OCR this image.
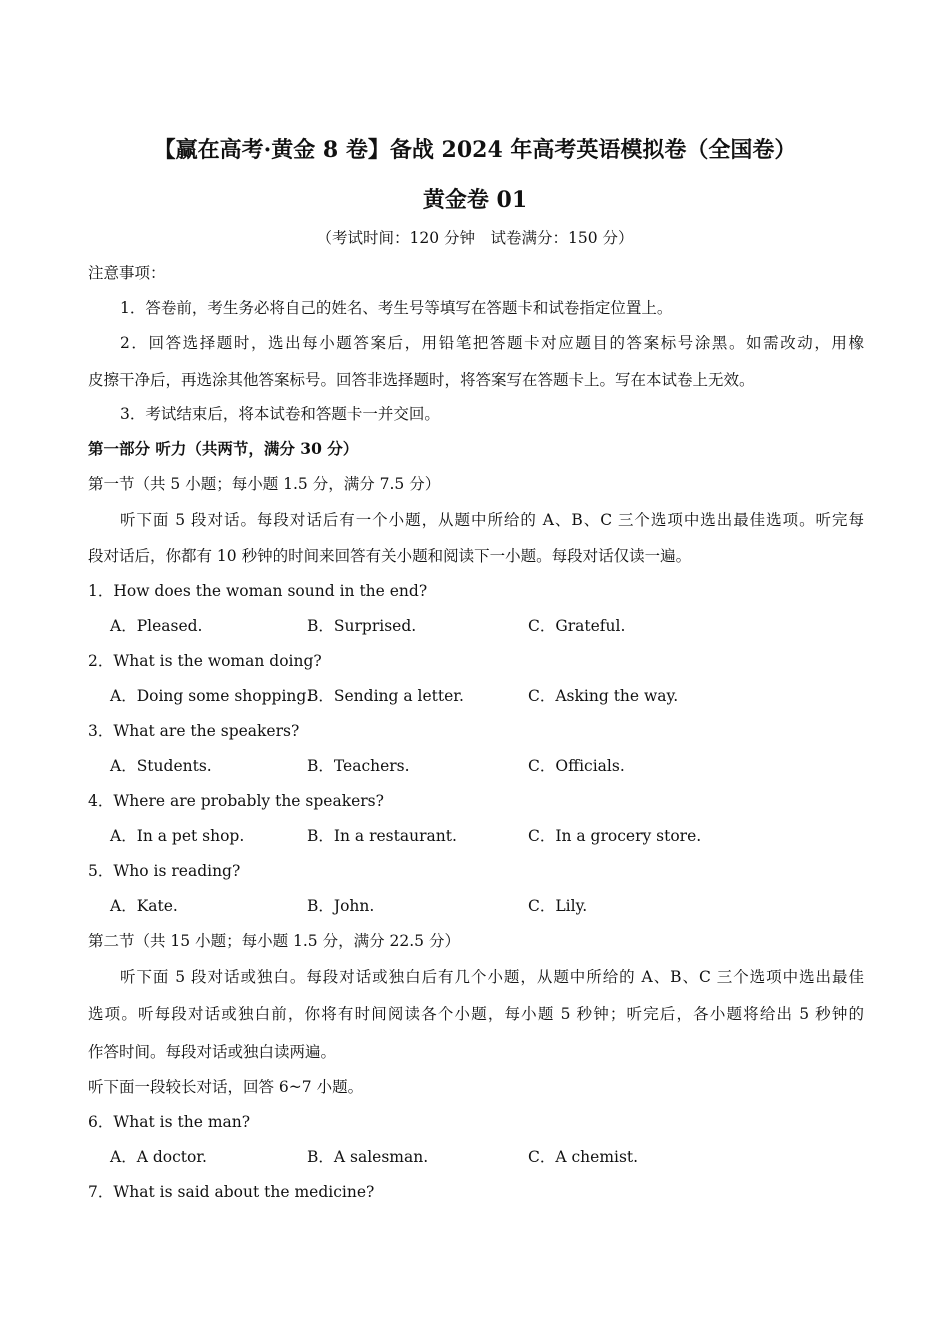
【赢在高考·黄金 8 卷】备战 2024 年高考英语模拟卷（全国卷）
黄金卷 01
（考试时间：120 分钟　试卷满分：150 分）
注意事项：
1．答卷前，考生务必将自己的姓名、考生号等填写在答题卡和试卷指定位置上。
2．回答选择题时，选出每小题答案后，用铅笔把答题卡对应题目的答案标号涂黑。如需改动，用橡
皮擦干净后，再选涂其他答案标号。回答非选择题时，将答案写在答题卡上。写在本试卷上无效。
3．考试结束后，将本试卷和答题卡一并交回。
第一部分 听力（共两节，满分 30 分）
第一节（共 5 小题；每小题 1.5 分，满分 7.5 分）
听下面 5 段对话。每段对话后有一个小题，从题中所给的 A、B、C 三个选项中选出最佳选项。听完每
段对话后，你都有 10 秒钟的时间来回答有关小题和阅读下一小题。每段对话仅读一遍。
1．How does the woman sound in the end?
A．Pleased.	B．Surprised.	C．Grateful.
2．What is the woman doing?
A．Doing some shopping.
B．Sending a letter.	C．Asking the way.
3．What are the speakers?
A．Students.	B．Teachers.	C．Officials.
4．Where are probably the speakers?
A．In a pet shop.	B．In a restaurant.	C．In a grocery store.
5．Who is reading?
A．Kate.	B．John.	C．Lily.
第二节（共 15 小题；每小题 1.5 分，满分 22.5 分）
听下面 5 段对话或独白。每段对话或独白后有几个小题，从题中所给的 A、B、C 三个选项中选出最佳
选项。听每段对话或独白前，你将有时间阅读各个小题，每小题 5 秒钟；听完后，各小题将给出 5 秒钟的
作答时间。每段对话或独白读两遍。
听下面一段较长对话，回答 6~7 小题。
6．What is the man?
A．A doctor.	B．A salesman.	C．A chemist.
7．What is said about the medicine?
